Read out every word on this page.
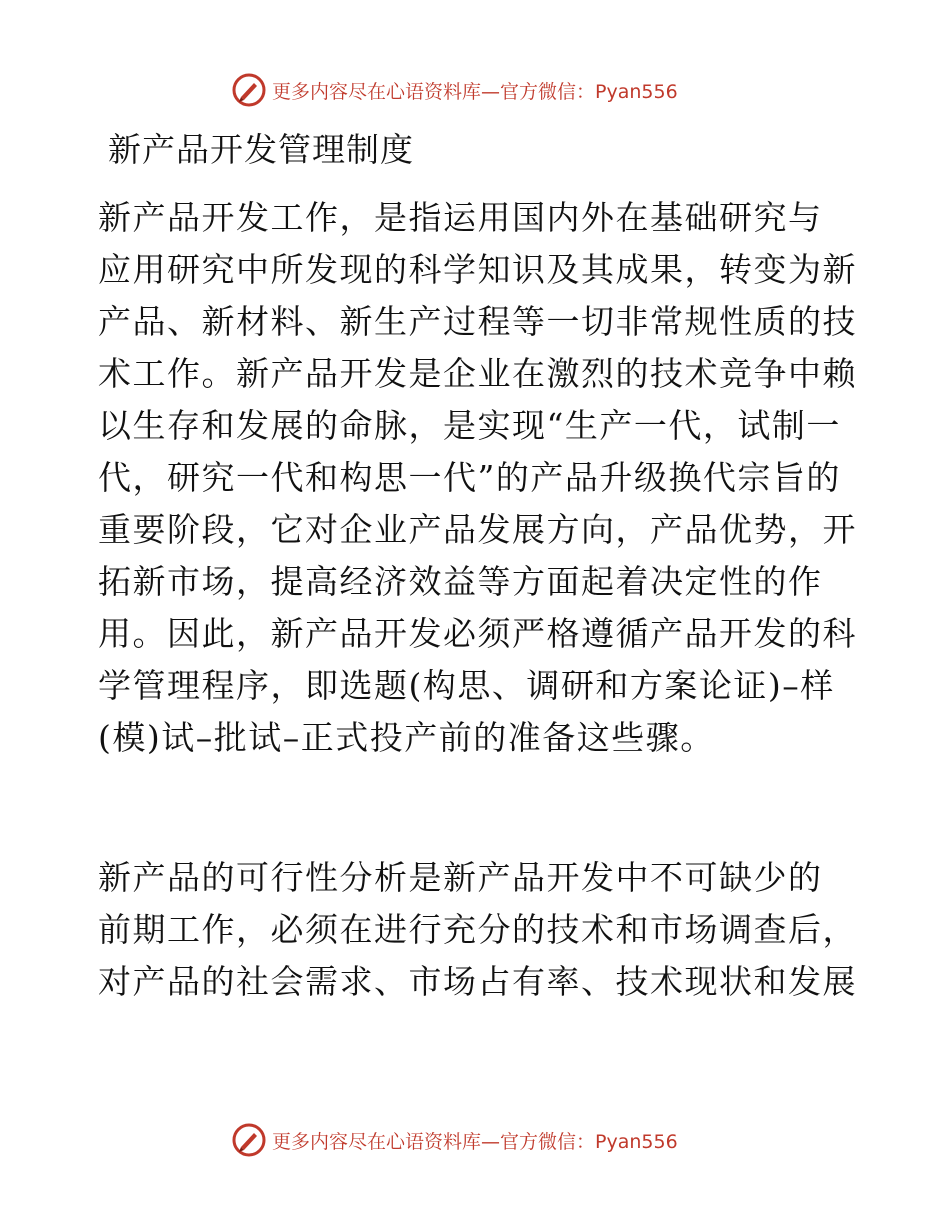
更多内容尽在心语资料库—官方微信：Pyan556
新产品开发管理制度
新产品开发工作，是指运用国内外在基础研究与
应用研究中所发现的科学知识及其成果，转变为新
产品、新材料、新生产过程等一切非常规性质的技
术工作。新产品开发是企业在激烈的技术竞争中赖
以生存和发展的命脉，是实现“生产一代，试制一
代，研究一代和构思一代”的产品升级换代宗旨的
重要阶段，它对企业产品发展方向，产品优势，开
拓新市场，提高经济效益等方面起着决定性的作
用。因此，新产品开发必须严格遵循产品开发的科
学管理程序，即选题(构思、调研和方案论证)–样
(模)试–批试–正式投产前的准备这些骤。
新产品的可行性分析是新产品开发中不可缺少的
前期工作，必须在进行充分的技术和市场调查后，
对产品的社会需求、市场占有率、技术现状和发展
更多内容尽在心语资料库—官方微信：Pyan556
